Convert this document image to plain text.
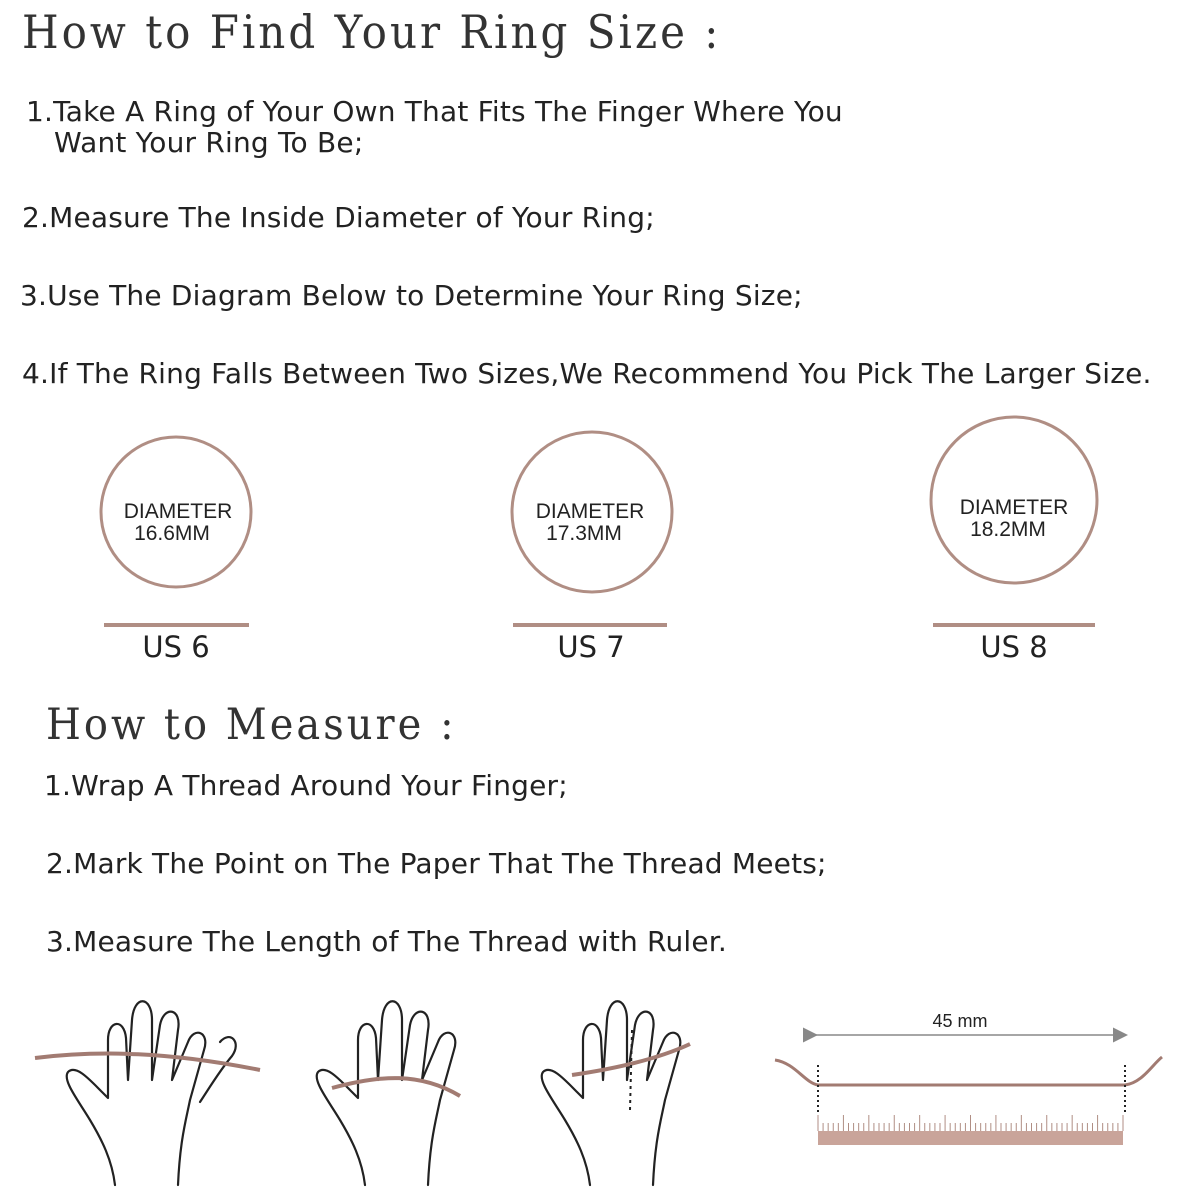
How to Find Your Ring Size :
1.Take A Ring of Your Own That Fits The Finger Where You
Want Your Ring To Be;
2.Measure The Inside Diameter of Your Ring;
3.Use The Diagram Below to Determine Your Ring Size;
4.If The Ring Falls Between Two Sizes,We Recommend You Pick The Larger Size.
DIAMETER
16.6MM
US 6
DIAMETER
17.3MM
US 7
DIAMETER
18.2MM
US 8
How to Measure :
1.Wrap A Thread Around Your Finger;
2.Mark The Point on The Paper That The Thread Meets;
3.Measure The Length of The Thread with Ruler.
45 mm
